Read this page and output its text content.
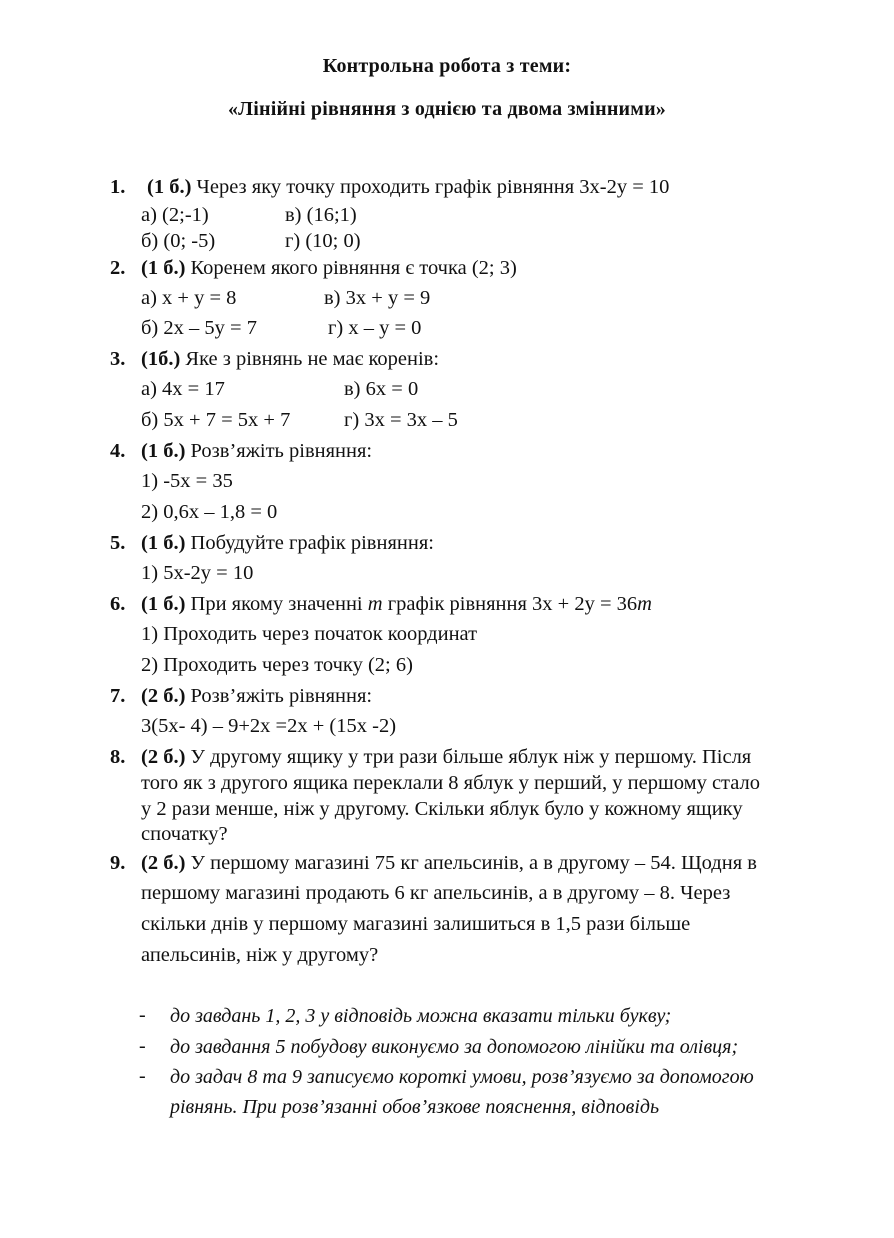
Контрольна робота з теми:
«Лінійні рівняння з однією та двома змінними»
1. (1 б.) Через яку точку проходить графік рівняння 3х-2у = 10
а) (2;-1)	в) (16;1)
б) (0; -5)	г) (10; 0)
2. (1 б.) Коренем якого рівняння є точка (2; 3)
а) х + у = 8	в) 3х + у = 9
б) 2х – 5у = 7	г) х – у = 0
3. (1б.) Яке з рівнянь не має коренів:
а) 4х = 17	в) 6х = 0
б) 5х + 7 = 5х + 7	г) 3х = 3х – 5
4. (1 б.) Розв’яжіть рівняння:
1) -5х = 35
2) 0,6х – 1,8 = 0
5. (1 б.) Побудуйте графік рівняння:
1) 5х-2у = 10
6. (1 б.) При якому значенні m графік рівняння 3х + 2у = 36m
1) Проходить через початок координат
2) Проходить через точку (2; 6)
7. (2 б.) Розв’яжіть рівняння:
3(5х- 4) – 9+2х =2х + (15х -2)
8. (2 б.) У другому ящику у три рази більше яблук ніж у першому. Після
того як з другого ящика переклали 8 яблук у перший, у першому стало
у 2 рази менше, ніж у другому. Скільки яблук було у кожному ящику
спочатку?
9. (2 б.) У першому магазині 75 кг апельсинів, а в другому – 54. Щодня в
першому магазині продають 6 кг апельсинів, а в другому – 8. Через
скільки днів у першому магазині залишиться в 1,5 рази більше
апельсинів, ніж у другому?
- до завдань 1, 2, 3 у відповідь можна вказати тільки букву;
- до завдання 5 побудову виконуємо за допомогою лінійки та олівця;
- до задач 8 та 9 записуємо короткі умови, розв’язуємо за допомогою
рівнянь. При розв’язанні обов’язкове пояснення, відповідь
